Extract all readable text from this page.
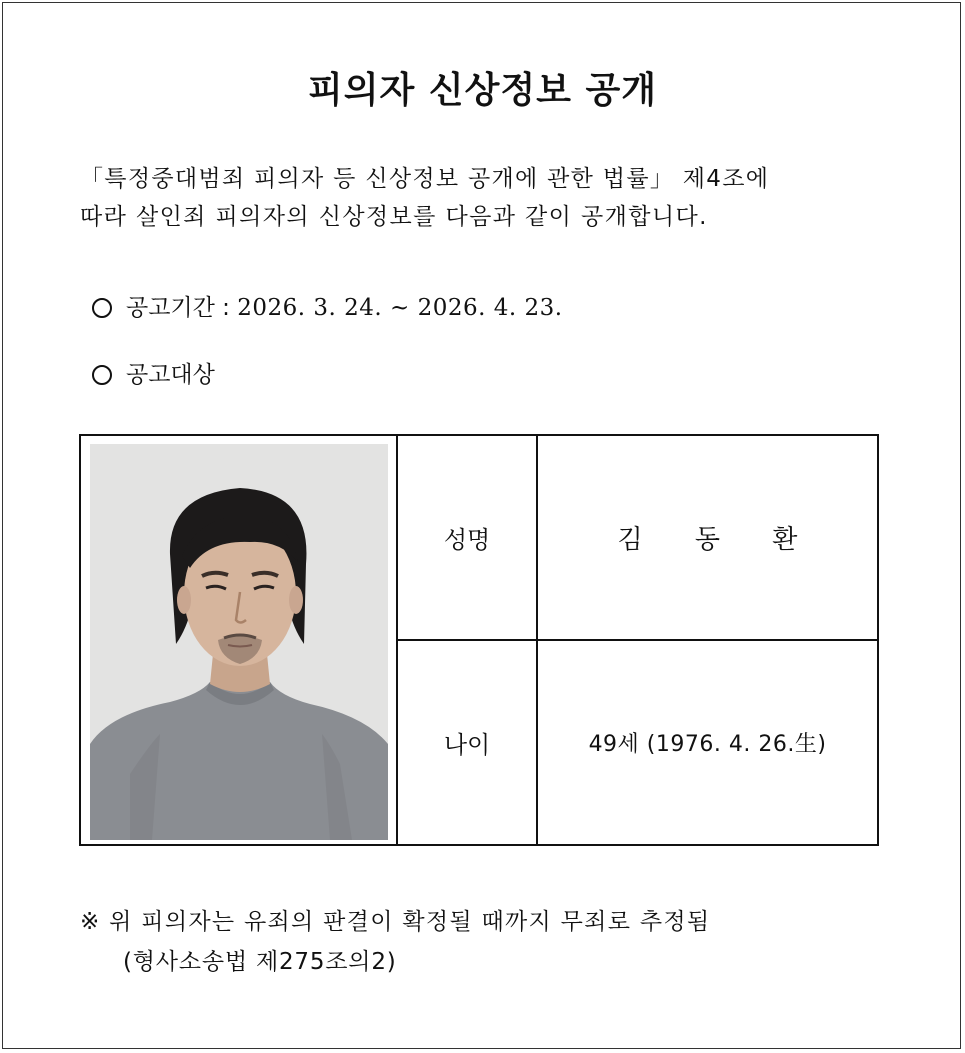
피의자 신상정보 공개
「특정중대범죄 피의자 등 신상정보 공개에 관한 법률」 제4조에
따라 살인죄 피의자의 신상정보를 다음과 같이 공개합니다.
공고기간 : 2026. 3. 24. ~ 2026. 4. 23.
공고대상
성명	김 동 환
나이	49세 (1976. 4. 26.生)
※ 위 피의자는 유죄의 판결이 확정될 때까지 무죄로 추정됨
(형사소송법 제275조의2)
